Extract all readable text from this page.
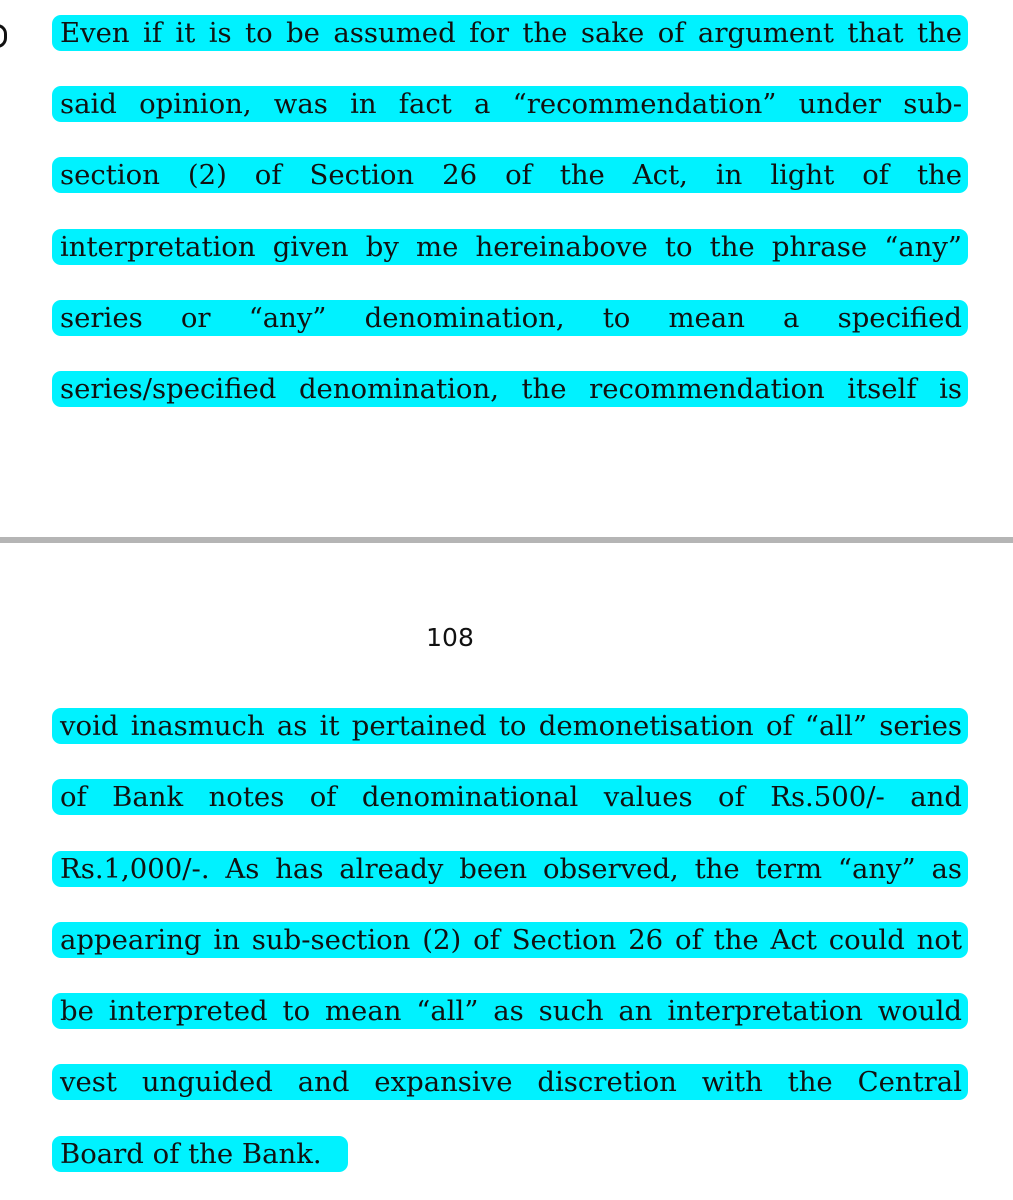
Even if it is to be assumed for the sake of argument that the
said opinion, was in fact a “recommendation” under sub-
section (2) of Section 26 of the Act, in light of the
interpretation given by me hereinabove to the phrase “any”
series or “any” denomination, to mean a specified
series/specified denomination, the recommendation itself is
108
void inasmuch as it pertained to demonetisation of “all” series
of Bank notes of denominational values of Rs.500/- and
Rs.1,000/-. As has already been observed, the term “any” as
appearing in sub-section (2) of Section 26 of the Act could not
be interpreted to mean “all” as such an interpretation would
vest unguided and expansive discretion with the Central
Board of the Bank.
